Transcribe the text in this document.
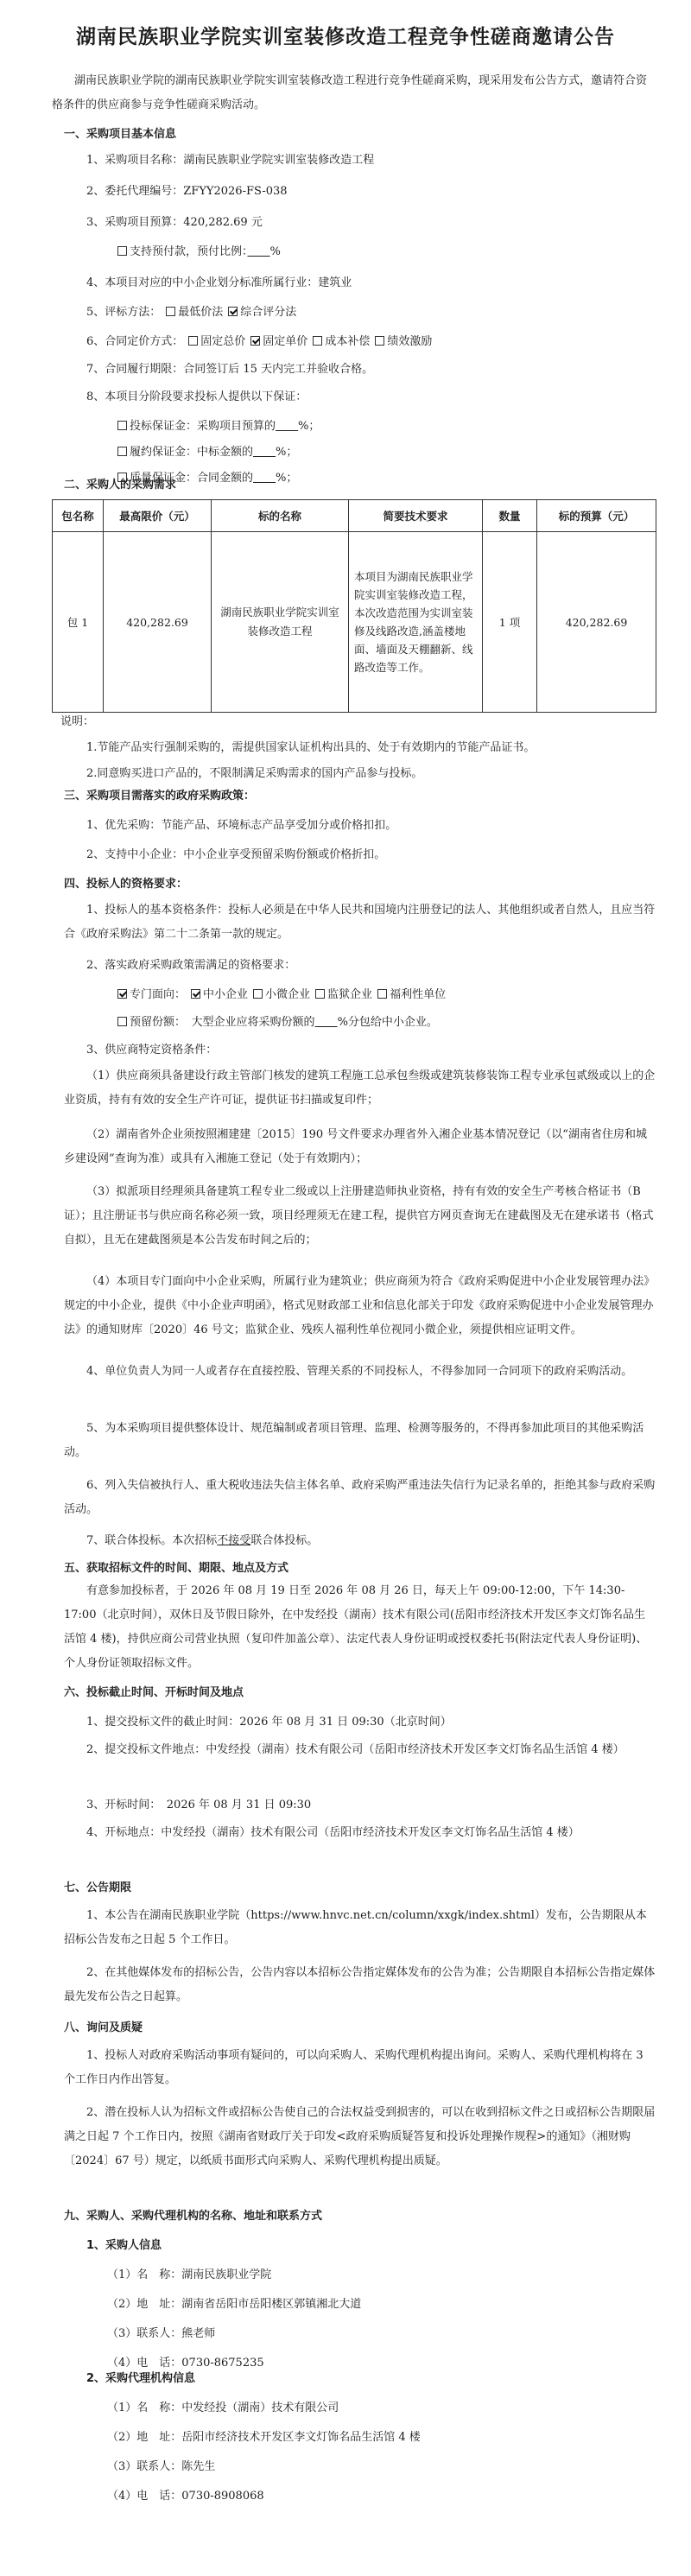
湖南民族职业学院实训室装修改造工程竞争性磋商邀请公告
湖南民族职业学院的湖南民族职业学院实训室装修改造工程进行竞争性磋商采购，现采用发布公告方式，邀请符合资格条件的供应商参与竞争性磋商采购活动。
一、采购项目基本信息
1、采购项目名称：湖南民族职业学院实训室装修改造工程
2、委托代理编号：ZFYY2026-FS-038
3、采购项目预算：420,282.69 元
支持预付款，预付比例：　　 %
4、本项目对应的中小企业划分标准所属行业：建筑业
5、评标方法： 最低价法 综合评分法
6、合同定价方式： 固定总价 固定单价 成本补偿 绩效激励
7、合同履行期限：合同签订后 15 天内完工并验收合格。
8、本项目分阶段要求投标人提供以下保证：
投标保证金：采购项目预算的　　 %；
履约保证金：中标金额的　　 %；
质量保证金：合同金额的　　 %；
二、采购人的采购需求
包名称	最高限价（元）	标的名称	简要技术要求	数量	标的预算（元）
包 1	420,282.69	湖南民族职业学院实训室装修改造工程	本项目为湖南民族职业学院实训室装修改造工程，本次改造范围为实训室装修及线路改造,涵盖楼地面、墙面及天棚翻新、线路改造等工作。	1 项	420,282.69
说明：
1.节能产品实行强制采购的，需提供国家认证机构出具的、处于有效期内的节能产品证书。
2.同意购买进口产品的，不限制满足采购需求的国内产品参与投标。
三、采购项目需落实的政府采购政策：
1、优先采购：节能产品、环境标志产品享受加分或价格扣扣。
2、支持中小企业：中小企业享受预留采购份额或价格折扣。
四、投标人的资格要求：
1、投标人的基本资格条件：投标人必须是在中华人民共和国境内注册登记的法人、其他组织或者自然人，且应当符合《政府采购法》第二十二条第一款的规定。
2、落实政府采购政策需满足的资格要求：
专门面向： 中小企业 小微企业 监狱企业 福利性单位
预留份额：　 大型企业应将采购份额的　　 %分包给中小企业。
3、供应商特定资格条件：
（1）供应商须具备建设行政主管部门核发的建筑工程施工总承包叁级或建筑装修装饰工程专业承包贰级或以上的企业资质，持有有效的安全生产许可证，提供证书扫描或复印件；
（2）湖南省外企业须按照湘建建〔2015〕190 号文件要求办理省外入湘企业基本情况登记（以“湖南省住房和城乡建设网”查询为准）或具有入湘施工登记（处于有效期内）；
（3）拟派项目经理须具备建筑工程专业二级或以上注册建造师执业资格，持有有效的安全生产考核合格证书（B证）；且注册证书与供应商名称必须一致，项目经理须无在建工程，提供官方网页查询无在建截图及无在建承诺书（格式自拟），且无在建截图须是本公告发布时间之后的；
（4）本项目专门面向中小企业采购，所属行业为建筑业；供应商须为符合《政府采购促进中小企业发展管理办法》规定的中小企业，提供《中小企业声明函》，格式见财政部工业和信息化部关于印发《政府采购促进中小企业发展管理办法》的通知财库〔2020〕46 号文；监狱企业、残疾人福利性单位视同小微企业，须提供相应证明文件。
4、单位负责人为同一人或者存在直接控股、管理关系的不同投标人，不得参加同一合同项下的政府采购活动。
5、为本采购项目提供整体设计、规范编制或者项目管理、监理、检测等服务的，不得再参加此项目的其他采购活动。
6、列入失信被执行人、重大税收违法失信主体名单、政府采购严重违法失信行为记录名单的，拒绝其参与政府采购活动。
7、联合体投标。本次招标不接受联合体投标。
五、获取招标文件的时间、期限、地点及方式
有意参加投标者，于 2026 年 08 月 19 日至 2026 年 08 月 26 日，每天上午 09:00-12:00，下午 14:30-17:00（北京时间），双休日及节假日除外，在中发经投（湖南）技术有限公司(岳阳市经济技术开发区李文灯饰名品生活馆 4 楼)，持供应商公司营业执照（复印件加盖公章）、法定代表人身份证明或授权委托书(附法定代表人身份证明)、个人身份证领取招标文件。
六、投标截止时间、开标时间及地点
1、提交投标文件的截止时间：2026 年 08 月 31 日 09:30（北京时间）
2、提交投标文件地点：中发经投（湖南）技术有限公司（岳阳市经济技术开发区李文灯饰名品生活馆 4 楼）
3、开标时间：　2026 年 08 月 31 日 09:30
4、开标地点：中发经投（湖南）技术有限公司（岳阳市经济技术开发区李文灯饰名品生活馆 4 楼）
七、公告期限
1、本公告在湖南民族职业学院（https://www.hnvc.net.cn/column/xxgk/index.shtml）发布，公告期限从本招标公告发布之日起 5 个工作日。
2、在其他媒体发布的招标公告，公告内容以本招标公告指定媒体发布的公告为准；公告期限自本招标公告指定媒体最先发布公告之日起算。
八、询问及质疑
1、投标人对政府采购活动事项有疑问的，可以向采购人、采购代理机构提出询问。采购人、采购代理机构将在 3 个工作日内作出答复。
2、潜在投标人认为招标文件或招标公告使自己的合法权益受到损害的，可以在收到招标文件之日或招标公告期限届满之日起 7 个工作日内，按照《湖南省财政厅关于印发<政府采购质疑答复和投诉处理操作规程>的通知》（湘财购〔2024〕67 号）规定，以纸质书面形式向采购人、采购代理机构提出质疑。
九、采购人、采购代理机构的名称、地址和联系方式
1、采购人信息
（1）名　称：湖南民族职业学院
（2）地　址：湖南省岳阳市岳阳楼区郭镇湘北大道
（3）联系人：熊老师
（4）电　话：0730-8675235
2、采购代理机构信息
（1）名　称：中发经投（湖南）技术有限公司
（2）地　址：岳阳市经济技术开发区李文灯饰名品生活馆 4 楼
（3）联系人：陈先生
（4）电　话：0730-8908068
